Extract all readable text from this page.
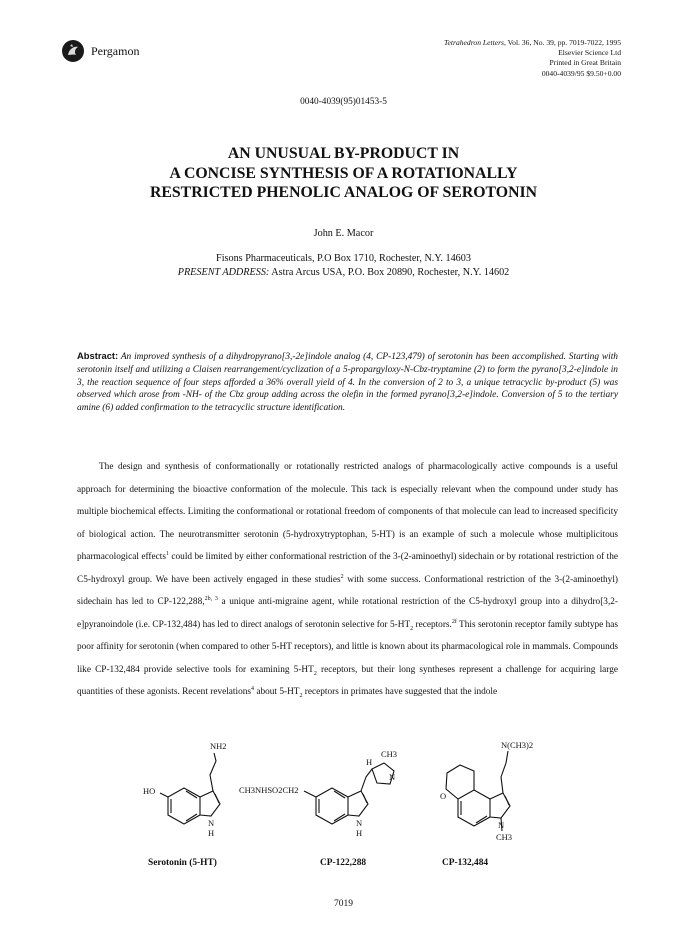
Pergamon
Tetrahedron Letters, Vol. 36, No. 39, pp. 7019-7022, 1995
Elsevier Science Ltd
Printed in Great Britain
0040-4039/95 $9.50+0.00
0040-4039(95)01453-5
AN UNUSUAL BY-PRODUCT IN
A CONCISE SYNTHESIS OF A ROTATIONALLY
RESTRICTED PHENOLIC ANALOG OF SEROTONIN
John E. Macor
Fisons Pharmaceuticals, P.O Box 1710, Rochester, N.Y. 14603
PRESENT ADDRESS: Astra Arcus USA, P.O. Box 20890, Rochester, N.Y. 14602
Abstract: An improved synthesis of a dihydropyrano[3,-2e]indole analog (4, CP-123,479) of serotonin has been accomplished. Starting with serotonin itself and utilizing a Claisen rearrangement/cyclization of a 5-propargyloxy-N-Cbz-tryptamine (2) to form the pyrano[3,2-e]indole in 3, the reaction sequence of four steps afforded a 36% overall yield of 4. In the conversion of 2 to 3, a unique tetracyclic by-product (5) was observed which arose from -NH- of the Cbz group adding across the olefin in the formed pyrano[3,2-e]indole. Conversion of 5 to the tertiary amine (6) added confirmation to the tetracyclic structure identification.

The design and synthesis of conformationally or rotationally restricted analogs of pharmacologically active compounds is a useful approach for determining the bioactive conformation of the molecule. This tack is especially relevant when the compound under study has multiple biochemical effects. Limiting the conformational or rotational freedom of components of that molecule can lead to increased specificity of biological action. The neurotransmitter serotonin (5-hydroxytryptophan, 5-HT) is an example of such a molecule whose multiplicitous pharmacological effects$^1$ could be limited by either conformational restriction of the 3-(2-aminoethyl) sidechain or by rotational restriction of the C5-hydroxyl group. We have been actively engaged in these studies$^2$ with some success. Conformational restriction of the 3-(2-aminoethyl) sidechain has led to CP-122,288,$^{2b, 3}$ a unique anti-migraine agent, while rotational restriction of the C5-hydroxyl group into a dihydro[3,2-e]pyranoindole (i.e. CP-132,484) has led to direct analogs of serotonin selective for $5-HT_2$ receptors.$^{2f}$ This serotonin receptor family subtype has poor affinity for serotonin (when compared to other 5-HT receptors), and little is known about its pharmacological role in mammals. Compounds like CP-132,484 provide selective tools for examining $5-HT_2$ receptors, but their long syntheses represent a challenge for acquiring large quantities of these agonists. Recent revelations$^4$ about $5-HT_2$ receptors in primates have suggested that the indole

NH2
HO
N
H
CH3NHSO2CH2
H
CH3
N
N
H
N(CH3)2
O
N
CH3
Serotonin (5-HT)	CP-122,288	CP-132,484
7019
